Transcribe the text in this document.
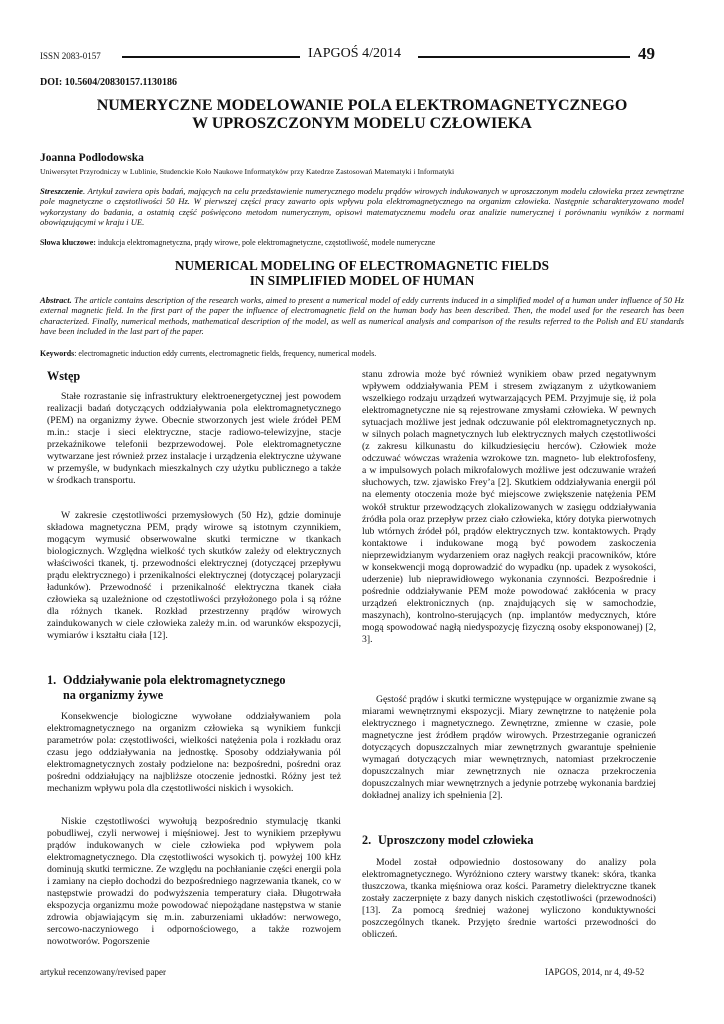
ISSN 2083-0157	IAPGOŚ 4/2014	49
DOI: 10.5604/20830157.1130186
NUMERYCZNE MODELOWANIE POLA ELEKTROMAGNETYCZNEGO
W UPROSZCZONYM MODELU CZŁOWIEKA
Joanna Podlodowska
Uniwersytet Przyrodniczy w Lublinie, Studenckie Koło Naukowe Informatyków przy Katedrze Zastosowań Matematyki i Informatyki
Streszczenie. Artykuł zawiera opis badań, mających na celu przedstawienie numerycznego modelu prądów wirowych indukowanych w uproszczonym modelu człowieka przez zewnętrzne pole magnetyczne o częstotliwości 50 Hz. W pierwszej części pracy zawarto opis wpływu pola elektromagnetycznego na organizm człowieka. Następnie scharakteryzowano model wykorzystany do badania, a ostatnią część poświęcono metodom numerycznym, opisowi matematycznemu modelu oraz analizie numerycznej i porównaniu wyników z normami obowiązującymi w kraju i UE.
Słowa kluczowe: indukcja elektromagnetyczna, prądy wirowe, pole elektromagnetyczne, częstotliwość, modele numeryczne
NUMERICAL MODELING OF ELECTROMAGNETIC FIELDS
IN SIMPLIFIED MODEL OF HUMAN
Abstract. The article contains description of the research works, aimed to present a numerical model of eddy currents induced in a simplified model of a human under influence of 50 Hz external magnetic field. In the first part of the paper the influence of electromagnetic field on the human body has been described. Then, the model used for the research has been characterized. Finally, numerical methods, mathematical description of the model, as well as numerical analysis and comparison of the results referred to the Polish and EU standards have been included in the last part of the paper.
Keywords: electromagnetic induction eddy currents, electromagnetic fields, frequency, numerical models.
Wstęp

Stałe rozrastanie się infrastruktury elektroenergetycznej jest powodem realizacji badań dotyczących oddziaływania pola elektromagnetycznego (PEM) na organizmy żywe. Obecnie stworzonych jest wiele źródeł PEM m.in.: stacje i sieci elektryczne, stacje radiowo-telewizyjne, stacje przekaźnikowe telefonii bezprzewodowej. Pole elektromagnetyczne wytwarzane jest również przez instalacje i urządzenia elektryczne używane w przemyśle, w budynkach mieszkalnych czy użytku publicznego a także w środkach transportu.

W zakresie częstotliwości przemysłowych (50 Hz), gdzie dominuje składowa magnetyczna PEM, prądy wirowe są istotnym czynnikiem, mogącym wymusić obserwowalne skutki termiczne w tkankach biologicznych. Względna wielkość tych skutków zależy od elektrycznych właściwości tkanek, tj. przewodności elektrycznej (dotyczącej przepływu prądu elektrycznego) i przenikalności elektrycznej (dotyczącej polaryzacji ładunków). Przewodność i przenikalność elektryczna tkanek ciała człowieka są uzależnione od częstotliwości przyłożonego pola i są różne dla różnych tkanek. Rozkład przestrzenny prądów wirowych zaindukowanych w ciele człowieka zależy m.in. od warunków ekspozycji, wymiarów i kształtu ciała [12].

1. Oddziaływanie pola elektromagnetycznego
na organizmy żywe

Konsekwencje biologiczne wywołane oddziaływaniem pola elektromagnetycznego na organizm człowieka są wynikiem funkcji parametrów pola: częstotliwości, wielkości natężenia pola i rozkładu oraz czasu jego oddziaływania na jednostkę. Sposoby oddziaływania pól elektromagnetycznych zostały podzielone na: bezpośredni, pośredni oraz pośredni oddziałujący na najbliższe otoczenie jednostki. Różny jest też mechanizm wpływu pola dla częstotliwości niskich i wysokich.

Niskie częstotliwości wywołują bezpośrednio stymulację tkanki pobudliwej, czyli nerwowej i mięśniowej. Jest to wynikiem przepływu prądów indukowanych w ciele człowieka pod wpływem pola elektromagnetycznego. Dla częstotliwości wysokich tj. powyżej 100 kHz dominują skutki termiczne. Ze względu na pochłanianie części energii pola i zamiany na ciepło dochodzi do bezpośredniego nagrzewania tkanek, co w następstwie prowadzi do podwyższenia temperatury ciała. Długotrwała ekspozycja organizmu może powodować niepożądane następstwa w stanie zdrowia objawiającym się m.in. zaburzeniami układów: nerwowego, sercowo-naczyniowego i odpornościowego, a także rozwojem nowotworów. Pogorszenie

stanu zdrowia może być również wynikiem obaw przed negatywnym wpływem oddziaływania PEM i stresem związanym z użytkowaniem wszelkiego rodzaju urządzeń wytwarzających PEM. Przyjmuje się, iż pola elektromagnetyczne nie są rejestrowane zmysłami człowieka. W pewnych sytuacjach możliwe jest jednak odczuwanie pól elektromagnetycznych np. w silnych polach magnetycznych lub elektrycznych małych częstotliwości (z zakresu kilkunastu do kilkudziesięciu herców). Człowiek może odczuwać wówczas wrażenia wzrokowe tzn. magneto- lub elektrofosfeny, a w impulsowych polach mikrofalowych możliwe jest odczuwanie wrażeń słuchowych, tzw. zjawisko Frey’a [2]. Skutkiem oddziaływania energii pól na elementy otoczenia może być miejscowe zwiększenie natężenia PEM wokół struktur przewodzących zlokalizowanych w zasięgu oddziaływania źródła pola oraz przepływ przez ciało człowieka, który dotyka pierwotnych lub wtórnych źródeł pól, prądów elektrycznych tzw. kontaktowych. Prądy kontaktowe i indukowane mogą być powodem zaskoczenia nieprzewidzianym wydarzeniem oraz nagłych reakcji pracowników, które w konsekwencji mogą doprowadzić do wypadku (np. upadek z wysokości, uderzenie) lub nieprawidłowego wykonania czynności. Bezpośrednie i pośrednie oddziaływanie PEM może powodować zakłócenia w pracy urządzeń elektronicznych (np. znajdujących się w samochodzie, maszynach), kontrolno-sterujących (np. implantów medycznych, które mogą spowodować nagłą niedyspozycję fizyczną osoby eksponowanej) [2, 3].

Gęstość prądów i skutki termiczne występujące w organizmie zwane są miarami wewnętrznymi ekspozycji. Miary zewnętrzne to natężenie pola elektrycznego i magnetycznego. Zewnętrzne, zmienne w czasie, pole magnetyczne jest źródłem prądów wirowych. Przestrzeganie ograniczeń dotyczących dopuszczalnych miar zewnętrznych gwarantuje spełnienie wymagań dotyczących miar wewnętrznych, natomiast przekroczenie dopuszczalnych miar zewnętrznych nie oznacza przekroczenia dopuszczalnych miar wewnętrznych a jedynie potrzebę wykonania bardziej dokładnej analizy ich spełnienia [2].

2. Uproszczony model człowieka

Model został odpowiednio dostosowany do analizy pola elektromagnetycznego. Wyróżniono cztery warstwy tkanek: skóra, tkanka tłuszczowa, tkanka mięśniowa oraz kości. Parametry dielektryczne tkanek zostały zaczerpnięte z bazy danych niskich częstotliwości (przewodności) [13]. Za pomocą średniej ważonej wyliczono konduktywności poszczególnych tkanek. Przyjęto średnie wartości przewodności do obliczeń.

artykuł recenzowany/revised paper	IAPGOS, 2014, nr 4, 49-52
